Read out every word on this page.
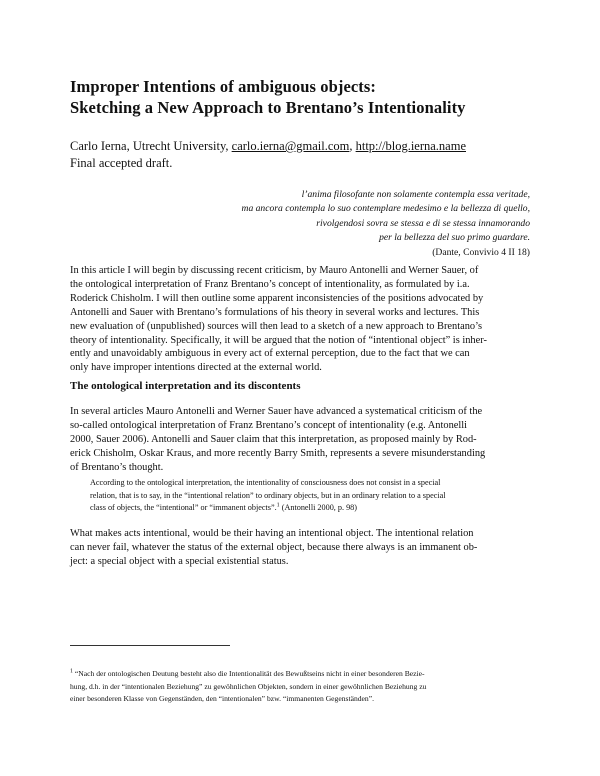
Improper Intentions of ambiguous objects:
Sketching a New Approach to Brentano’s Intentionality
Carlo Ierna, Utrecht University, carlo.ierna@gmail.com, http://blog.ierna.name
Final accepted draft.
l’anima filosofante non solamente contempla essa veritade,
ma ancora contempla lo suo contemplare medesimo e la bellezza di quello,
rivolgendosi sovra se stessa e di se stessa innamorando
per la bellezza del suo primo guardare.
(Dante, Convivio 4 II 18)
In this article I will begin by discussing recent criticism, by Mauro Antonelli and Werner Sauer, of
the ontological interpretation of Franz Brentano’s concept of intentionality, as formulated by i.a.
Roderick Chisholm. I will then outline some apparent inconsistencies of the positions advocated by
Antonelli and Sauer with Brentano’s formulations of his theory in several works and lectures. This
new evaluation of (unpublished) sources will then lead to a sketch of a new approach to Brentano’s
theory of intentionality. Specifically, it will be argued that the notion of “intentional object” is inher-
ently and unavoidably ambiguous in every act of external perception, due to the fact that we can
only have improper intentions directed at the external world.
The ontological interpretation and its discontents
In several articles Mauro Antonelli and Werner Sauer have advanced a systematical criticism of the
so-called ontological interpretation of Franz Brentano’s concept of intentionality (e.g. Antonelli
2000, Sauer 2006). Antonelli and Sauer claim that this interpretation, as proposed mainly by Rod-
erick Chisholm, Oskar Kraus, and more recently Barry Smith, represents a severe misunderstanding
of Brentano’s thought.
According to the ontological interpretation, the intentionality of consciousness does not consist in a special
relation, that is to say, in the “intentional relation” to ordinary objects, but in an ordinary relation to a special
class of objects, the “intentional” or “immanent objects”.$^1$ (Antonelli 2000, p. 98)
What makes acts intentional, would be their having an intentional object. The intentional relation
can never fail, whatever the status of the external object, because there always is an immanent ob-
ject: a special object with a special existential status.
$^1$ “Nach der ontologischen Deutung besteht also die Intentionalität des Bewußtseins nicht in einer besonderen Bezie-
hung, d.h. in der “intentionalen Beziehung” zu gewöhnlichen Objekten, sondern in einer gewöhnlichen Beziehung zu
einer besonderen Klasse von Gegenständen, den “intentionalen” bzw. “immanenten Gegenständen”.
